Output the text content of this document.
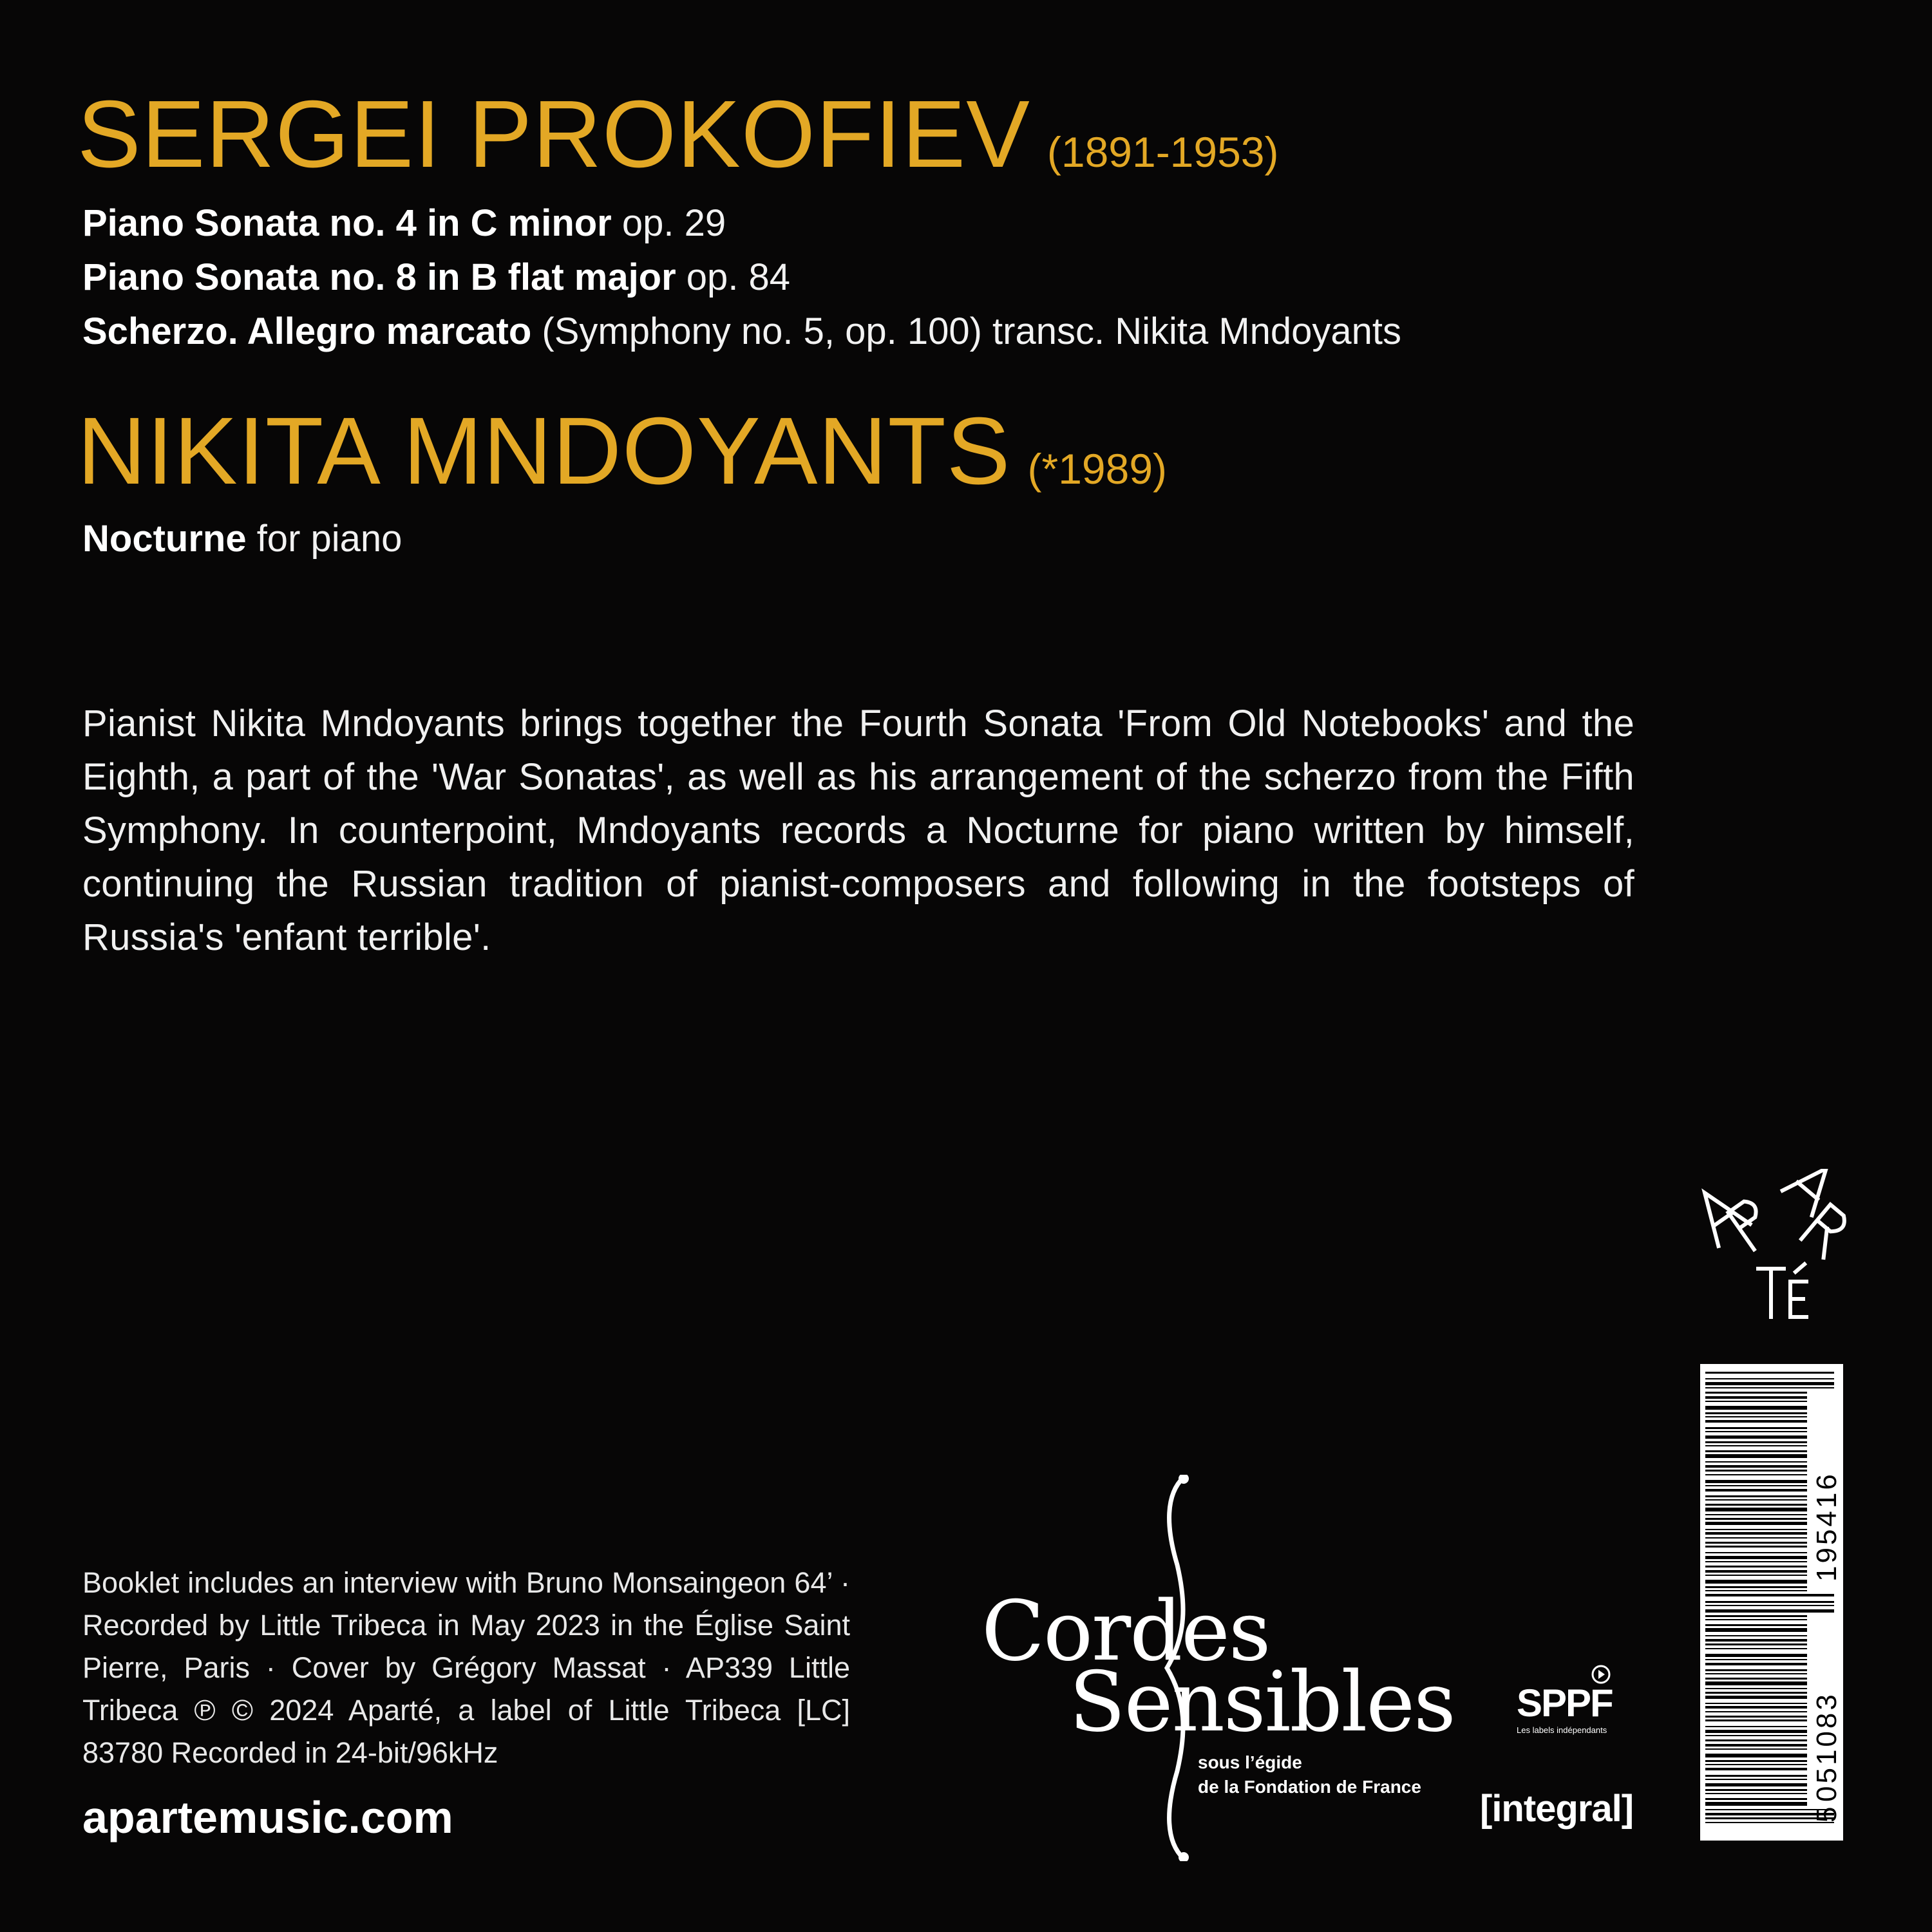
SERGEI PROKOFIEV (1891-1953)
Piano Sonata no. 4 in C minor op. 29
Piano Sonata no. 8 in B flat major op. 84
Scherzo. Allegro marcato (Symphony no. 5, op. 100) transc. Nikita Mndoyants
NIKITA MNDOYANTS (*1989)
Nocturne for piano
Pianist Nikita Mndoyants brings together the Fourth Sonata 'From Old Notebooks' and the Eighth, a part of the 'War Sonatas', as well as his arrangement of the scherzo from the Fifth Symphony. In counterpoint, Mndoyants records a Nocturne for piano written by himself, continuing the Russian tradition of pianist-composers and following in the footsteps of Russia's 'enfant terrible'.
Booklet includes an interview with Bruno Monsaingeon 64’ · Recorded by Little Tribeca in May 2023 in the Église Saint Pierre, Paris · Cover by Grégory Massat · AP339 Little Tribeca ℗ © 2024 Aparté, a label of Little Tribeca [LC] 83780 Recorded in 24-bit/96kHz
apartemusic.com
Cordes
Sensibles
sous l’égide
de la Fondation de France
SPPF
Les labels indépendants
[integral]	5
051083
195416
